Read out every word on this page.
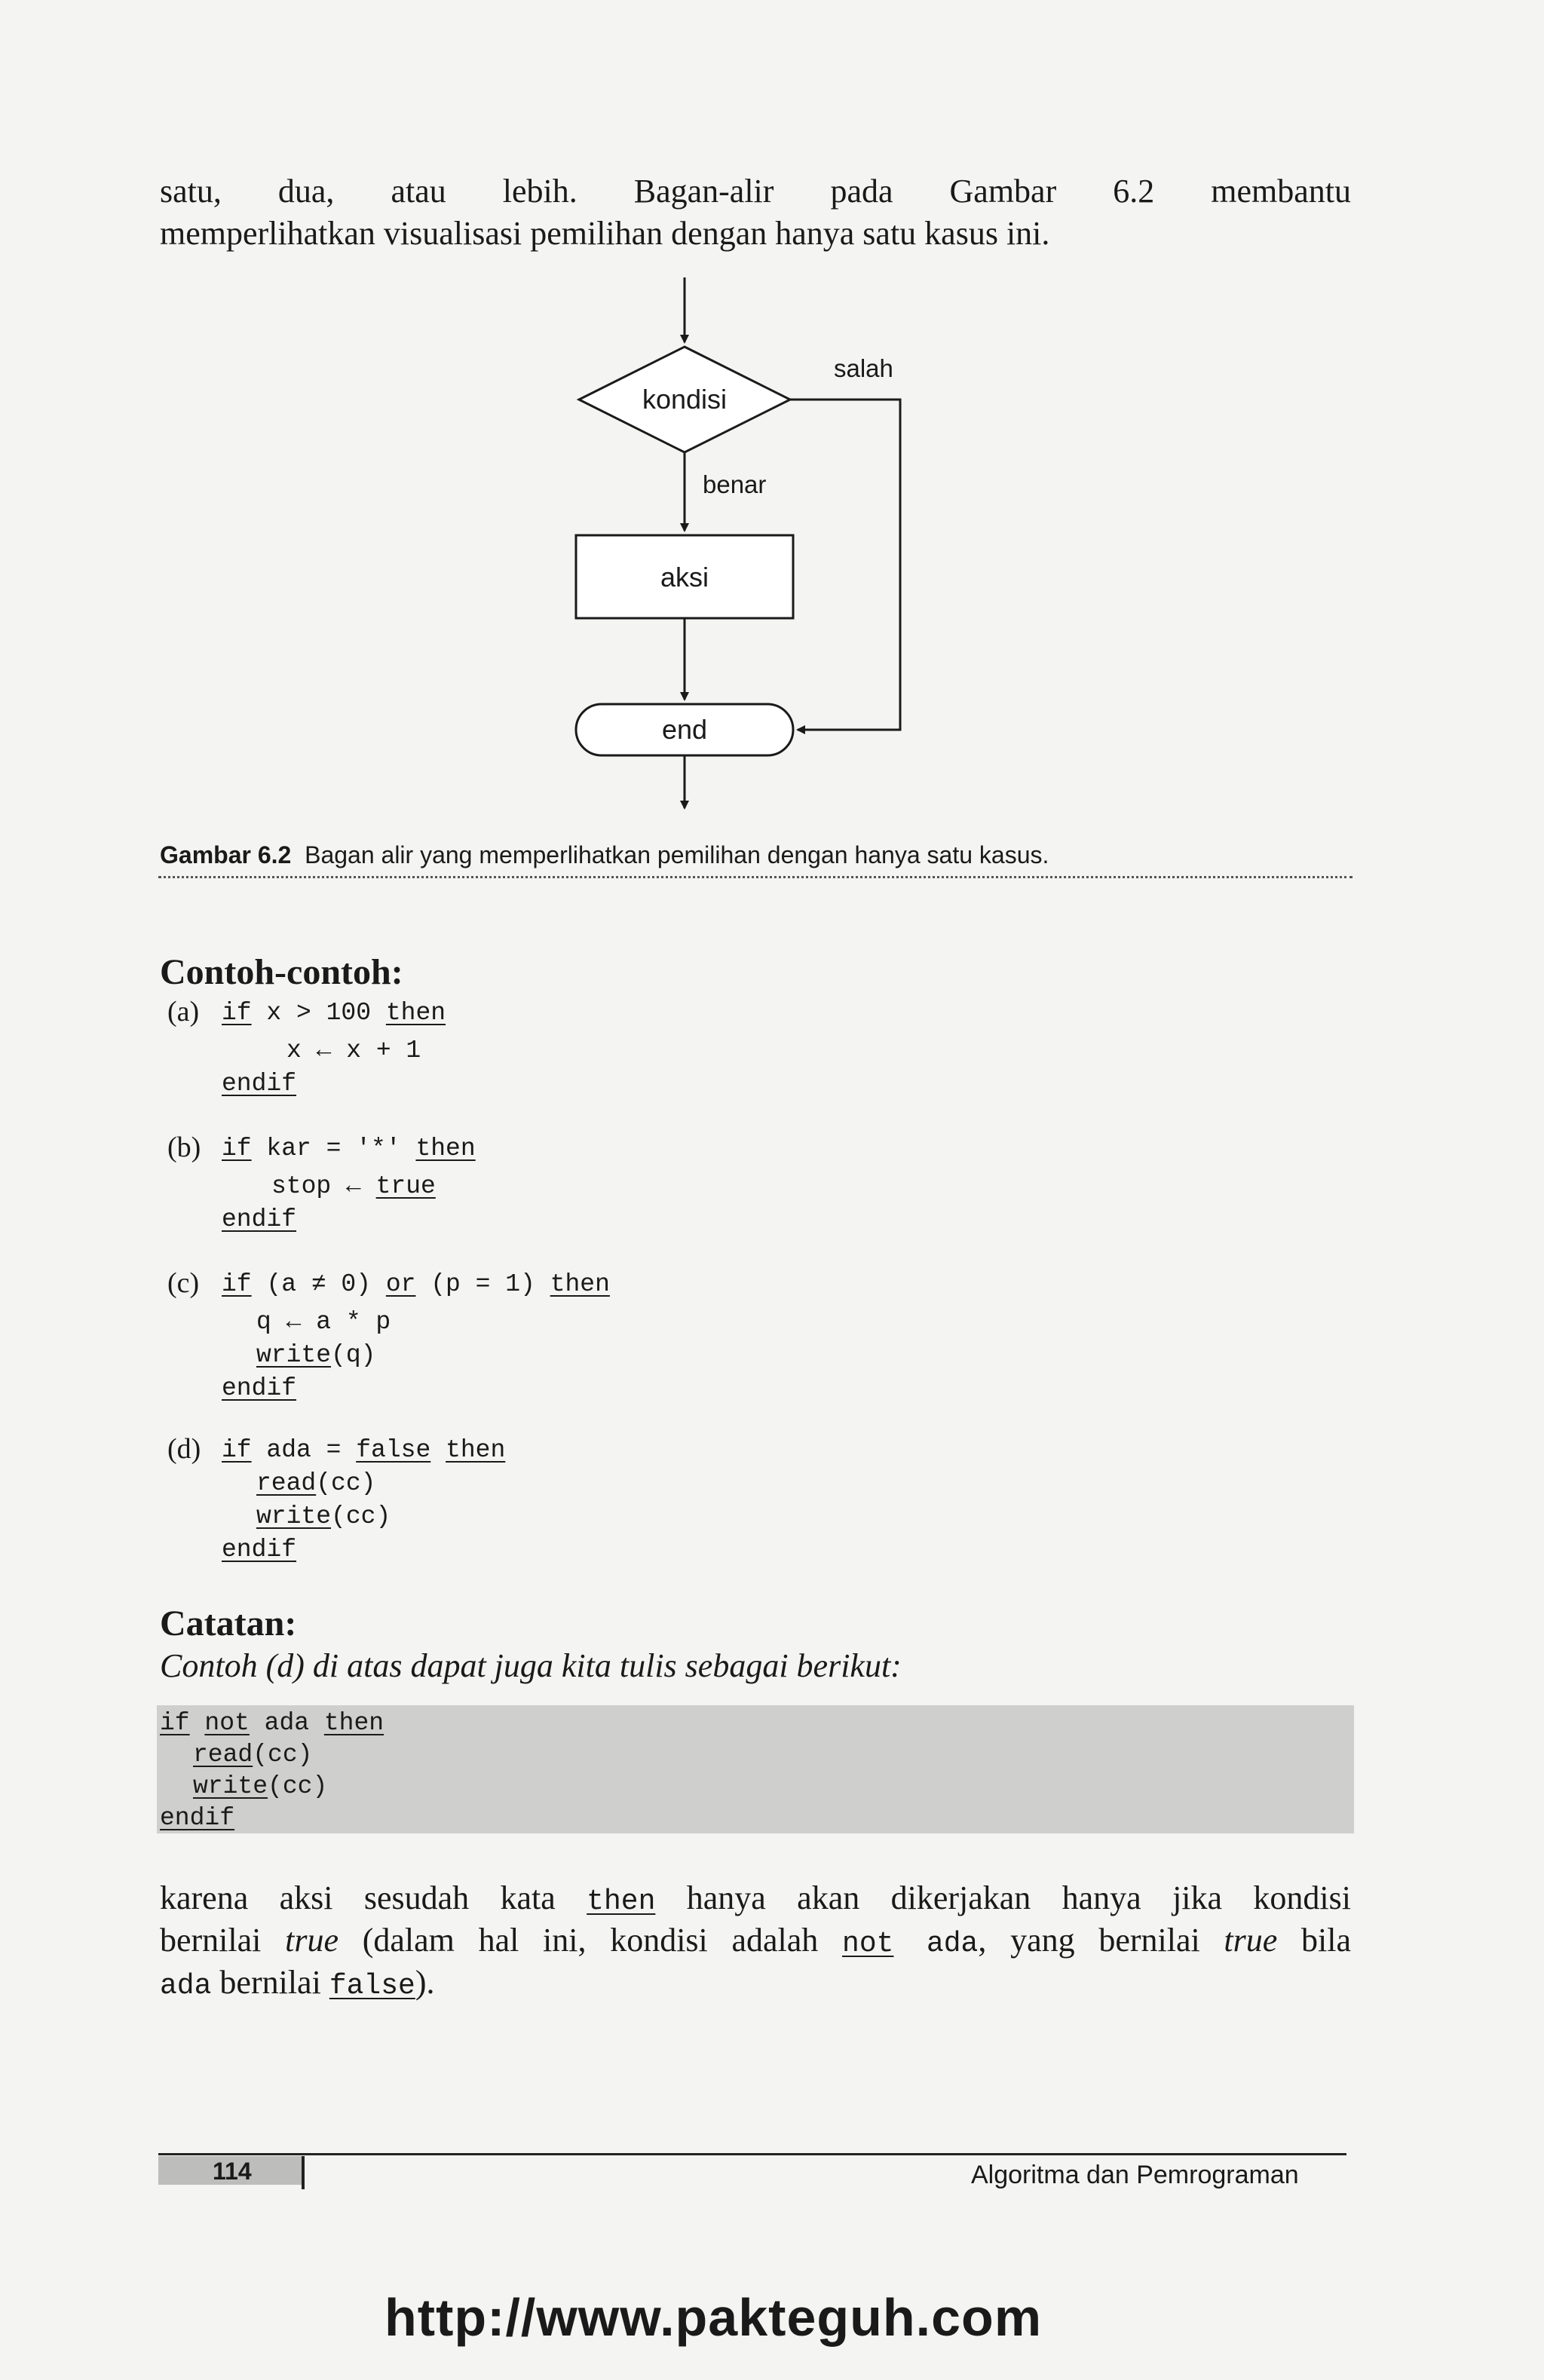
satu, dua, atau lebih. Bagan-alir pada Gambar 6.2 membantu
memperlihatkan visualisasi pemilihan dengan hanya satu kasus ini.
kondisi
salah
benar
aksi
end
Gambar 6.2 Bagan alir yang memperlihatkan pemilihan dengan hanya satu kasus.
Contoh-contoh:
(a) if x > 100 then
x ← x + 1
endif
(b) if kar = '*' then
stop ← true
endif
(c) if (a ≠ 0) or (p = 1) then
q ← a * p
write(q)
endif
(d) if ada = false then
read(cc)
write(cc)
endif
Catatan:
Contoh (d) di atas dapat juga kita tulis sebagai berikut:
if not ada then
read(cc)
write(cc)
endif
karena aksi sesudah kata then hanya akan dikerjakan hanya jika kondisi
bernilai true (dalam hal ini, kondisi adalah not ada, yang bernilai true bila
ada bernilai false).
114	Algoritma dan Pemrograman
http://www.pakteguh.com
